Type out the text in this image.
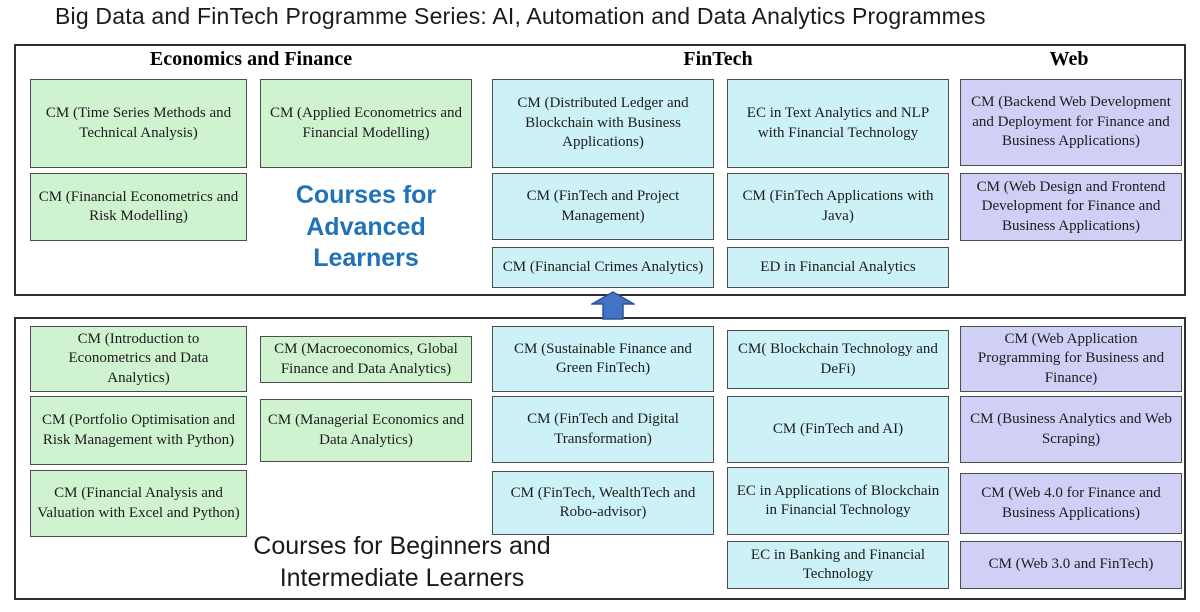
Big Data and FinTech Programme Series: AI, Automation and Data Analytics Programmes
Economics and Finance	FinTech	Web
CM (Time Series Methods and Technical Analysis)
CM (Applied Econometrics and Financial Modelling)
CM (Distributed Ledger and Blockchain with Business Applications)
EC in Text Analytics and NLP with Financial Technology
CM (Backend Web Development and Deployment for Finance and Business Applications)
CM (Financial Econometrics and Risk Modelling)
CM (FinTech and Project Management)
CM (FinTech Applications with Java)
CM (Web Design and Frontend Development for Finance and Business Applications)
CM (Financial Crimes Analytics)	ED in Financial Analytics
Courses for
Advanced
Learners
CM (Introduction to Econometrics and Data Analytics)
CM (Macroeconomics, Global Finance and Data Analytics)
CM (Sustainable Finance and Green FinTech)
CM( Blockchain Technology and DeFi)
CM (Web Application Programming for Business and Finance)
CM (Portfolio Optimisation and Risk Management with Python)
CM (Managerial Economics and Data Analytics)
CM (FinTech and Digital Transformation)
CM (FinTech and AI)
CM (Business Analytics and Web Scraping)
CM (Financial Analysis and Valuation with Excel and Python)
CM (FinTech, WealthTech and Robo-advisor)
EC in Applications of Blockchain in Financial Technology
CM (Web 4.0 for Finance and Business Applications)
EC in Banking and Financial Technology
CM (Web 3.0 and FinTech)
Courses for Beginners and
Intermediate Learners
